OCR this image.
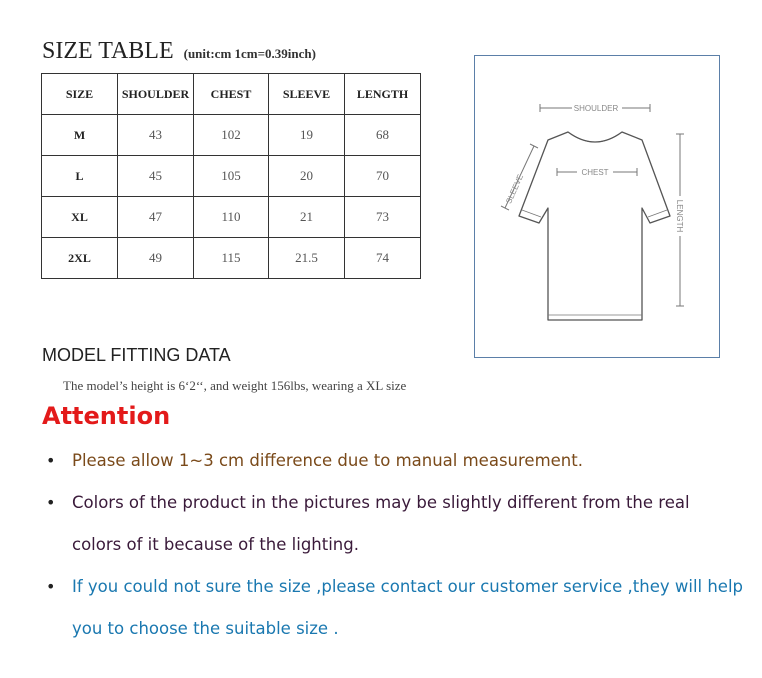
SIZE TABLE (unit:cm 1cm=0.39inch)
SIZE	SHOULDER	CHEST	SLEEVE	LENGTH
M	43	102	19	68
L	45	105	20	70
XL	47	110	21	73
2XL	49	115	21.5	74
SHOULDER
CHEST
SLEEVE
LENGTH
MODEL FITTING DATA
The model’s height is 6‘2‘‘, and weight 156lbs, wearing a XL size
Attention
• Please allow 1~3 cm difference due to manual measurement.
• Colors of the product in the pictures may be slightly different from the real colors of it because of the lighting.
• If you could not sure the size ,please contact our customer service ,they will help you to choose the suitable size .
